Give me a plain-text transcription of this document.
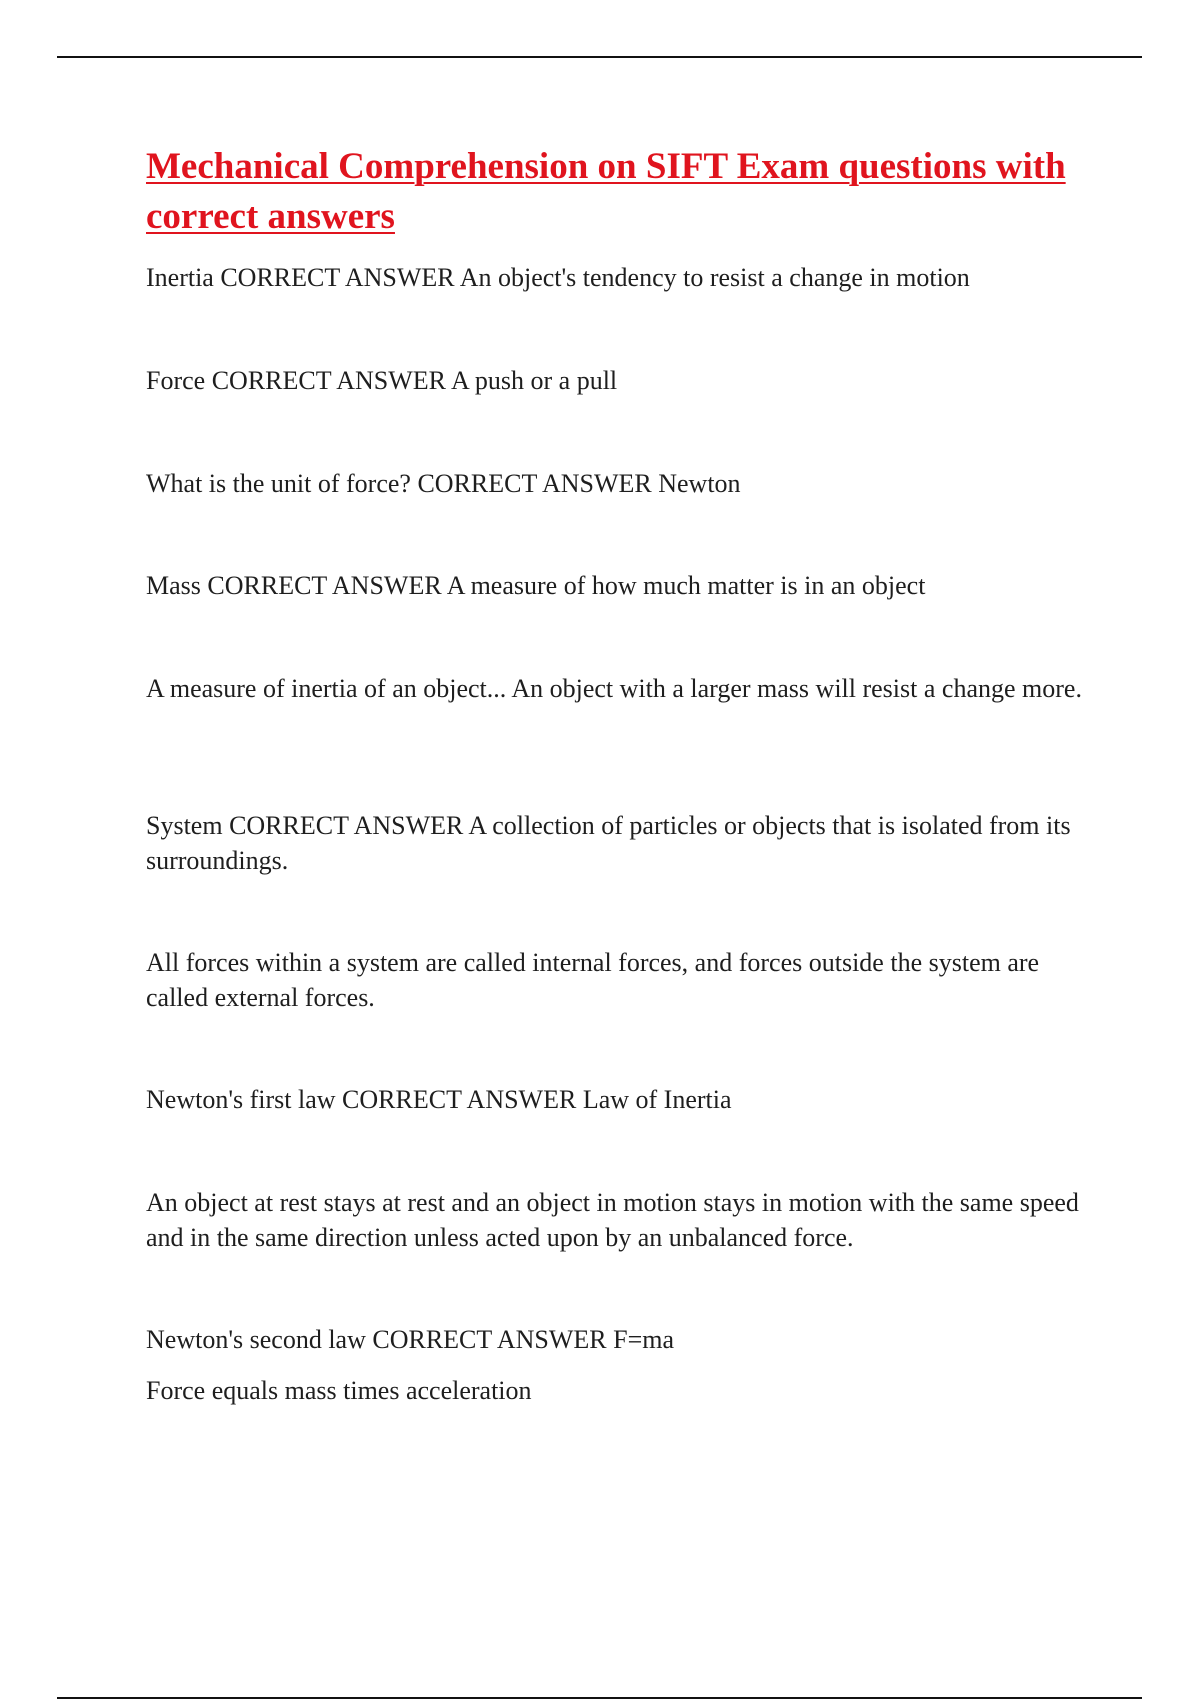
Mechanical Comprehension on SIFT Exam questions with correct answers

Inertia CORRECT ANSWER An object's tendency to resist a change in motion

Force CORRECT ANSWER A push or a pull

What is the unit of force? CORRECT ANSWER Newton

Mass CORRECT ANSWER A measure of how much matter is in an object

A measure of inertia of an object... An object with a larger mass will resist a change more.

System CORRECT ANSWER A collection of particles or objects that is isolated from its surroundings.

All forces within a system are called internal forces, and forces outside the system are called external forces.

Newton's first law CORRECT ANSWER Law of Inertia

An object at rest stays at rest and an object in motion stays in motion with the same speed and in the same direction unless acted upon by an unbalanced force.

Newton's second law CORRECT ANSWER F=ma

Force equals mass times acceleration
